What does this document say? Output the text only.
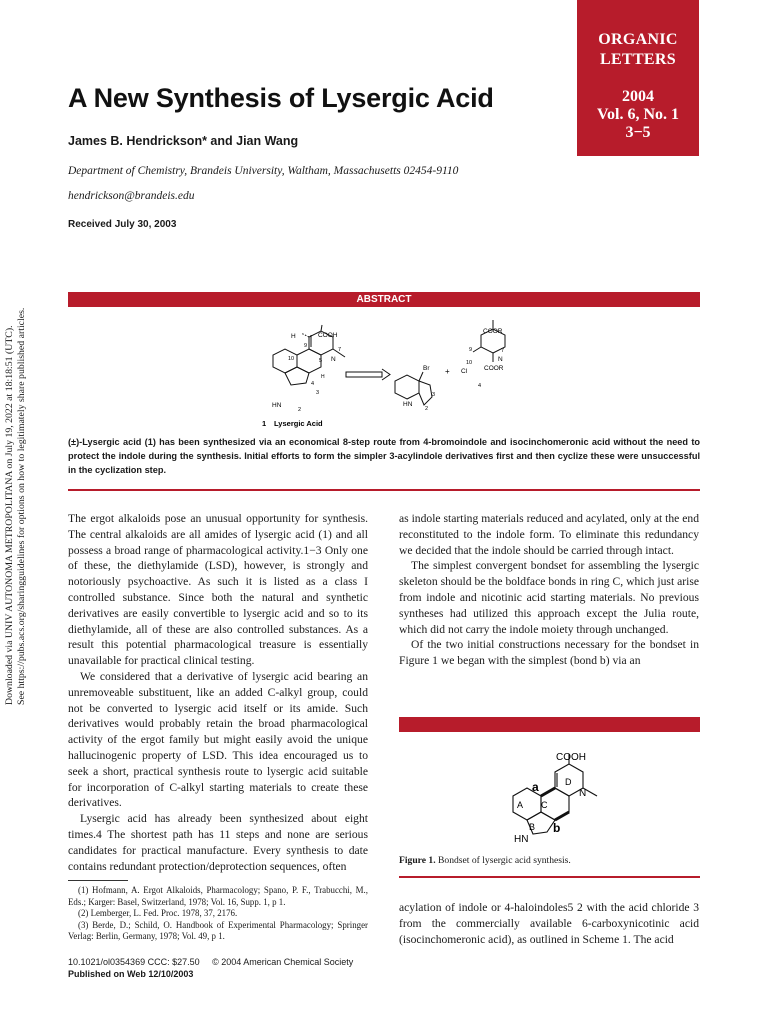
Downloaded via UNIV AUTONOMA METROPOLITANA on July 19, 2022 at 18:18:51 (UTC). See https://pubs.acs.org/sharingguidelines for options on how to legitimately share published articles.
ORGANIC
LETTERS
2004
Vol. 6, No. 1
3−5
A New Synthesis of Lysergic Acid
James B. Hendrickson* and Jian Wang
Department of Chemistry, Brandeis University, Waltham, Massachusetts 02454-9110
hendrickson@brandeis.edu
Received July 30, 2003
ABSTRACT
H	COOH
9
7
10	5
4
H
N
HN
2
3
1 Lysergic Acid
Br
HN
3
2
+
COOR
9	7
10
Cl
N
4
COOR
(±)-Lysergic acid (1) has been synthesized via an economical 8-step route from 4-bromoindole and isocinchomeronic acid without the need to protect the indole during the synthesis. Initial efforts to form the simpler 3-acylindole derivatives first and then cyclize these were unsuccessful in the cyclization step.

The ergot alkaloids pose an unusual opportunity for synthesis. The central alkaloids are all amides of lysergic acid (1) and all possess a broad range of pharmacological activity.1−3 Only one of these, the diethylamide (LSD), however, is strongly and notoriously psychoactive. As such it is listed as a class I controlled substance. Since both the natural and synthetic derivatives are easily convertible to lysergic acid and so to its diethylamide, all of these are also controlled substances. As a result this potential pharmacological treasure is essentially unavailable for practical clinical testing.

We considered that a derivative of lysergic acid bearing an unremoveable substituent, like an added C-alkyl group, could not be converted to lysergic acid itself or its amide. Such derivatives would probably retain the broad pharmacological activity of the ergot family but might easily avoid the unique hallucinogenic property of LSD. This idea encouraged us to seek a short, practical synthesis route to lysergic acid suitable for incorporation of C-alkyl starting materials to create these derivatives.

Lysergic acid has already been synthesized about eight times.4 The shortest path has 11 steps and none are serious candidates for practical manufacture. Every synthesis to date contains redundant protection/deprotection sequences, often

as indole starting materials reduced and acylated, only at the end reconstituted to the indole form. To eliminate this redundancy we decided that the indole should be carried through intact.

The simplest convergent bondset for assembling the lysergic skeleton should be the boldface bonds in ring C, which just arise from indole and nicotinic acid starting materials. No previous syntheses had utilized this approach except the Julia route, which did not carry the indole moiety through unchanged.

Of the two initial constructions necessary for the bondset in Figure 1 we began with the simplest (bond b) via an

COOH
a
b
A
B
C
D
N
HN
Figure 1. Bondset of lysergic acid synthesis.

acylation of indole or 4-haloindoles5 2 with the acid chloride 3 from the commercially available 6-carboxynicotinic acid (isocinchomeronic acid), as outlined in Scheme 1. The acid

(1) Hofmann, A. Ergot Alkaloids, Pharmacology; Spano, P. F., Trabucchi, M., Eds.; Karger: Basel, Switzerland, 1978; Vol. 16, Supp. 1, p 1.

(2) Lemberger, L. Fed. Proc. 1978, 37, 2176.

(3) Berde, D.; Schild, O. Handbook of Experimental Pharmacology; Springer Verlag: Berlin, Germany, 1978; Vol. 49, p 1.

10.1021/ol0354369 CCC: $27.50     © 2004 American Chemical Society
Published on Web 12/10/2003
